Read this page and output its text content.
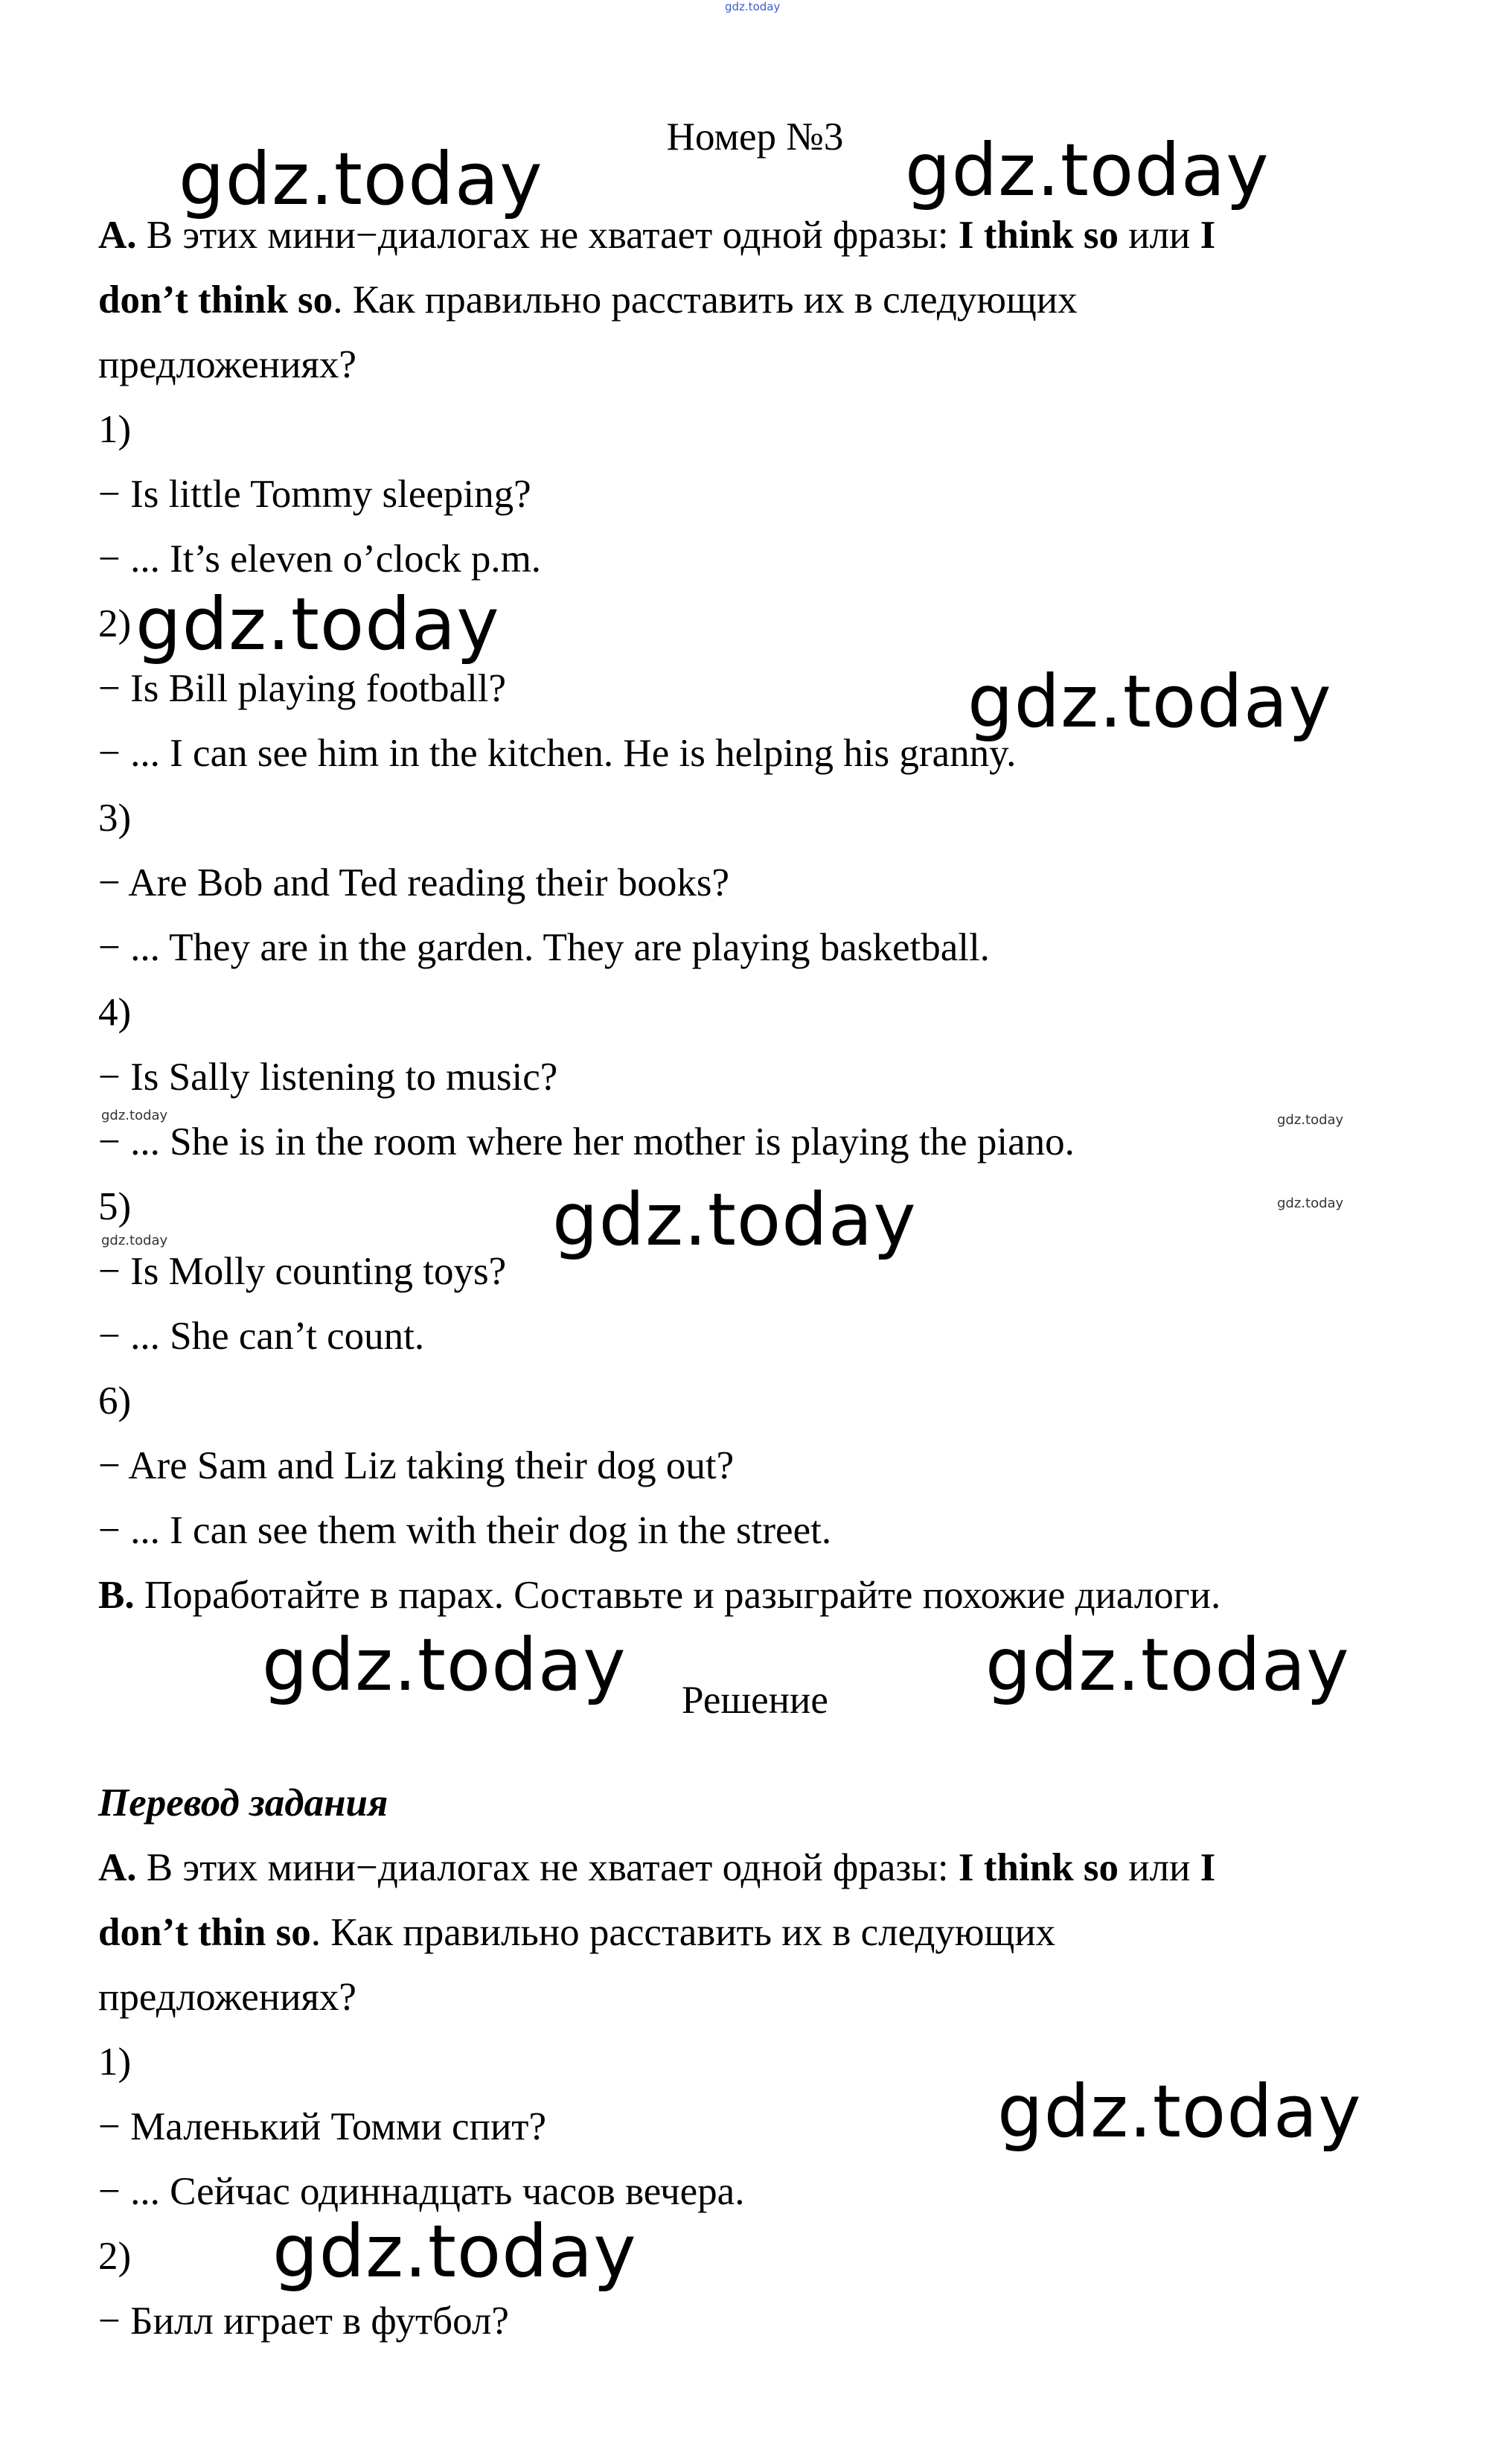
gdz.today

Номер №3

A. В этих мини−диалогах не хватает одной фразы: I think so или I

don’t think so. Как правильно расставить их в следующих

предложениях?

1)

− Is little Tommy sleeping?

− ... It’s eleven o’clock p.m.

2)

− Is Bill playing football?

− ... I can see him in the kitchen. He is helping his granny.

3)

− Are Bob and Ted reading their books?

− ... They are in the garden. They are playing basketball.

4)

− Is Sally listening to music?

− ... She is in the room where her mother is playing the piano.

5)

− Is Molly counting toys?

− ... She can’t count.

6)

− Are Sam and Liz taking their dog out?

− ... I can see them with their dog in the street.

B. Поработайте в парах. Составьте и разыграйте похожие диалоги.

Решение

Перевод задания

A. В этих мини−диалогах не хватает одной фразы: I think so или I

don’t thin so. Как правильно расставить их в следующих

предложениях?

1)

− Маленький Томми спит?

− ... Сейчас одиннадцать часов вечера.

2)

− Билл играет в футбол?

gdz.today	gdz.today
gdz.today
gdz.today
gdz.today
gdz.today	gdz.today
gdz.today
gdz.today
gdz.today	gdz.today
gdz.today
gdz.today
